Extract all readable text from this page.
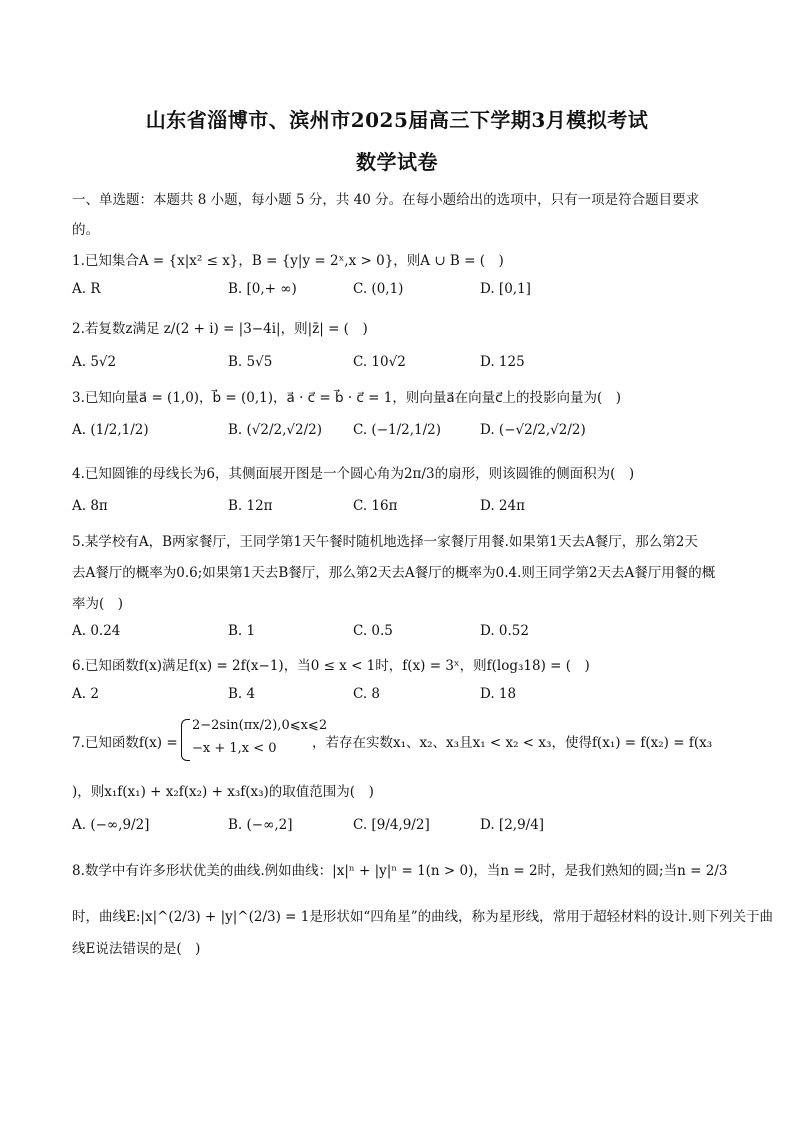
山东省淄博市、滨州市2025届高三下学期3月模拟考试
数学试卷
一、单选题：本题共 8 小题，每小题 5 分，共 40 分。在每小题给出的选项中，只有一项是符合题目要求
的。
1.已知集合A = {x|x² ≤ x}，B = {y|y = 2ˣ,x > 0}，则A ∪ B = (　)
A. R	B. [0,+ ∞)	C. (0,1)	D. [0,1]
2.若复数z满足 z/(2 + i) = |3−4i|，则|z̄| = (　)
A. 5√2	B. 5√5	C. 10√2	D. 125
3.已知向量a⃗ = (1,0)，b⃗ = (0,1)，a⃗ · c⃗ = b⃗ · c⃗ = 1，则向量a⃗在向量c⃗上的投影向量为(　)
A. (1/2,1/2)	B. (√2/2,√2/2) C. (−1/2,1/2)	D. (−√2/2,√2/2)
4.已知圆锥的母线长为6，其侧面展开图是一个圆心角为2π/3的扇形，则该圆锥的侧面积为(　)
A. 8π	B. 12π	C. 16π	D. 24π
5.某学校有A，B两家餐厅，王同学第1天午餐时随机地选择一家餐厅用餐.如果第1天去A餐厅，那么第2天
去A餐厅的概率为0.6;如果第1天去B餐厅，那么第2天去A餐厅的概率为0.4.则王同学第2天去A餐厅用餐的概
率为(　)
A. 0.24	B. 1	C. 0.5	D. 0.52
6.已知函数f(x)满足f(x) = 2f(x−1)，当0 ≤ x < 1时，f(x) = 3ˣ，则f(log₃18) = (　)
A. 2	B. 4	C. 8	D. 18
7.已知函数f(x) =
2−2sin(πx/2),0⩽x⩽2
−x + 1,x < 0	，若存在实数x₁、x₂、x₃且x₁ < x₂ < x₃，使得f(x₁) = f(x₂) = f(x₃
)，则x₁f(x₁) + x₂f(x₂) + x₃f(x₃)的取值范围为(　)
A. (−∞,9/2]	B. (−∞,2]	C. [9/4,9/2]	D. [2,9/4]
8.数学中有许多形状优美的曲线.例如曲线：|x|ⁿ + |y|ⁿ = 1(n > 0)，当n = 2时，是我们熟知的圆;当n = 2/3
时，曲线E:|x|^(2/3) + |y|^(2/3) = 1是形状如“四角星”的曲线，称为星形线，常用于超轻材料的设计.则下列关于曲
线E说法错误的是(　)
